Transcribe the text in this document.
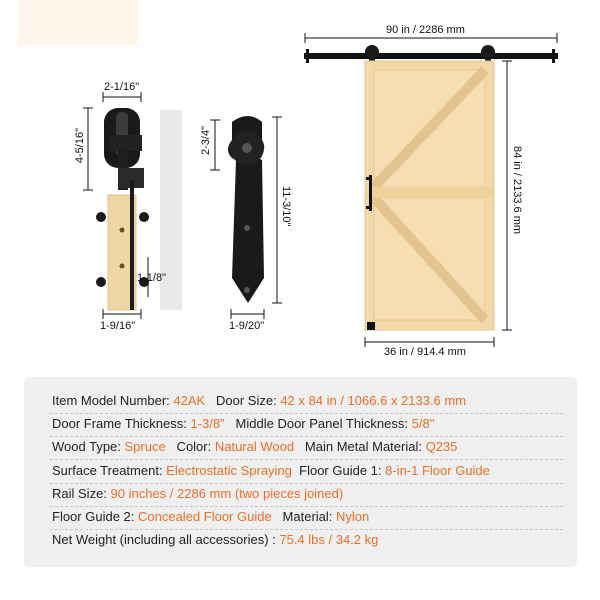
2-1/16"
4-5/16"
1-1/8"
1-9/16"
2-3/4"
11-3/10"
1-9/20"
90 in / 2286 mm
84 in / 2133.6 mm
36 in / 914.4 mm
Item Model Number: 42AK   Door Size: 42 x 84 in / 1066.6 x 2133.6 mm
Door Frame Thickness: 1-3/8"   Middle Door Panel Thickness: 5/8"
Wood Type: Spruce   Color: Natural Wood   Main Metal Material: Q235
Surface Treatment: Electrostatic Spraying  Floor Guide 1: 8-in-1 Floor Guide
Rail Size: 90 inches / 2286 mm (two pieces joined)
Floor Guide 2: Concealed Floor Guide   Material: Nylon
Net Weight (including all accessories) : 75.4 lbs / 34.2 kg
